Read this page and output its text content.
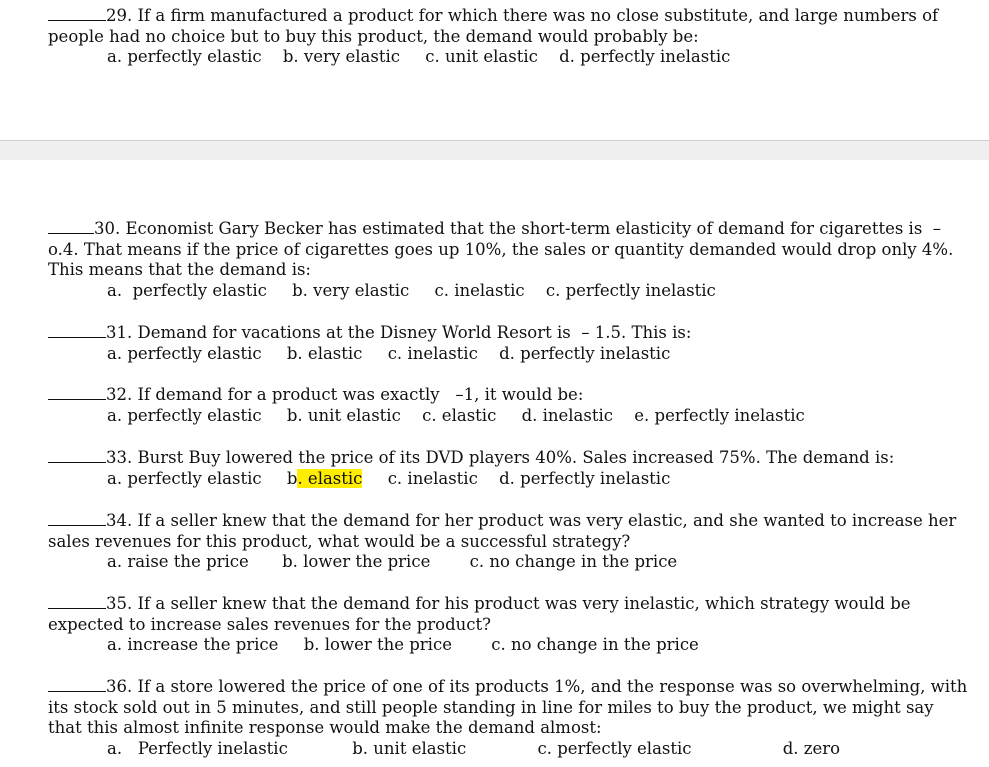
29. If a firm manufactured a product for which there was no close substitute, and large numbers of people had no choice but to buy this product, the demand would probably be:

a. perfectly elastic b. very elastic c. unit elastic d. perfectly inelastic

30. Economist Gary Becker has estimated that the short-term elasticity of demand for cigarettes is  –o.4. That means if the price of cigarettes goes up 10%, the sales or quantity demanded would drop only 4%. This means that the demand is:

a.  perfectly elastic b. very elastic c. inelastic c. perfectly inelastic

31. Demand for vacations at the Disney World Resort is  – 1.5. This is:

a. perfectly elastic b. elastic c. inelastic d. perfectly inelastic

32. If demand for a product was exactly   –1, it would be:

a. perfectly elastic b. unit elastic c. elastic d. inelastic e. perfectly inelastic

33. Burst Buy lowered the price of its DVD players 40%. Sales increased 75%. The demand is:

a. perfectly elastic b. elastic c. inelastic d. perfectly inelastic

34. If a seller knew that the demand for her product was very elastic, and she wanted to increase her sales revenues for this product, what would be a successful strategy?

a. raise the price b. lower the price c. no change in the price

35. If a seller knew that the demand for his product was very inelastic, which strategy would be expected to increase sales revenues for the product?

a. increase the price b. lower the price c. no change in the price

36. If a store lowered the price of one of its products 1%, and the response was so overwhelming, with its stock sold out in 5 minutes, and still people standing in line for miles to buy the product, we might say that this almost infinite response would make the demand almost:

a.   Perfectly inelastic	b. unit elastic	c. perfectly elastic	d. zero
